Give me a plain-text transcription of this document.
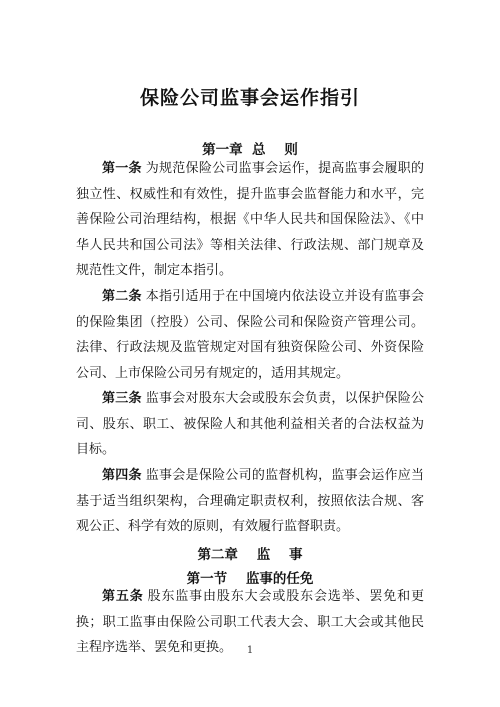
保险公司监事会运作指引
第一章  总    则

第一条 为规范保险公司监事会运作，提高监事会履职的独立性、权威性和有效性，提升监事会监督能力和水平，完善保险公司治理结构，根据《中华人民共和国保险法》、《中华人民共和国公司法》等相关法律、行政法规、部门规章及规范性文件，制定本指引。

第二条 本指引适用于在中国境内依法设立并设有监事会的保险集团（控股）公司、保险公司和保险资产管理公司。法律、行政法规及监管规定对国有独资保险公司、外资保险公司、上市保险公司另有规定的，适用其规定。

第三条 监事会对股东大会或股东会负责，以保护保险公司、股东、职工、被保险人和其他利益相关者的合法权益为目标。

第四条 监事会是保险公司的监督机构，监事会运作应当基于适当组织架构，合理确定职责权利，按照依法合规、客观公正、科学有效的原则，有效履行监督职责。

第二章    监    事
第一节    监事的任免

第五条 股东监事由股东大会或股东会选举、罢免和更换；职工监事由保险公司职工代表大会、职工大会或其他民主程序选举、罢免和更换。	1
